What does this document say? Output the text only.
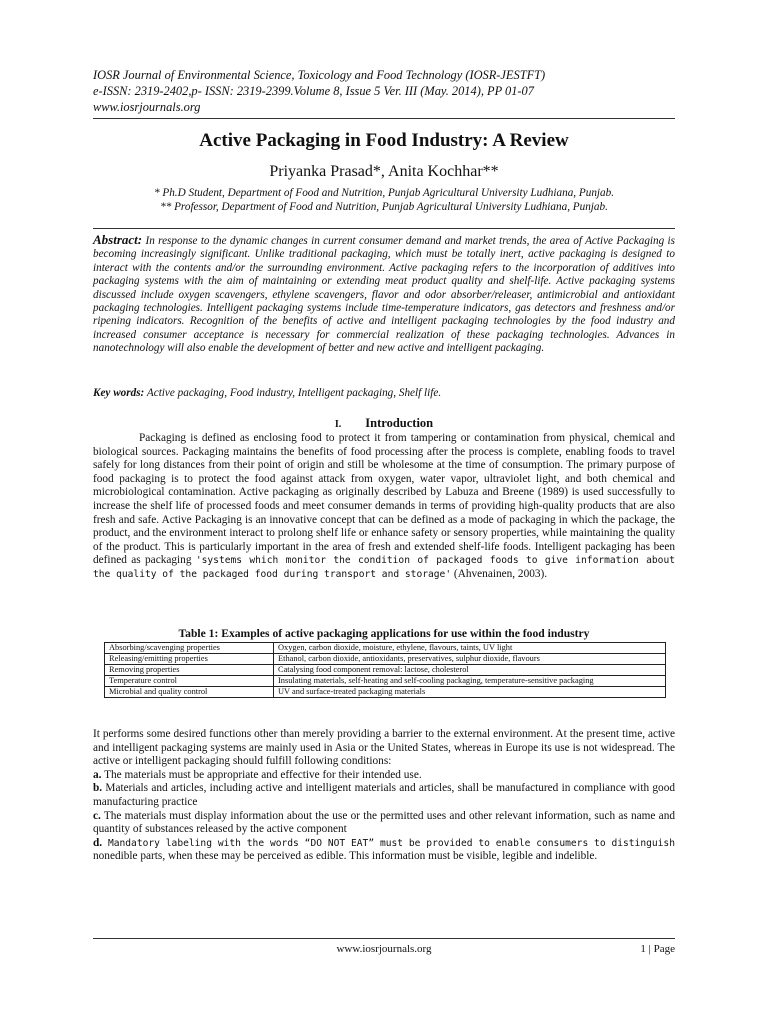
IOSR Journal of Environmental Science, Toxicology and Food Technology (IOSR-JESTFT)
e-ISSN: 2319-2402,p- ISSN: 2319-2399.Volume 8, Issue 5 Ver. III (May. 2014), PP 01-07
www.iosrjournals.org
Active Packaging in Food Industry: A Review
Priyanka Prasad*, Anita Kochhar**
* Ph.D Student, Department of Food and Nutrition, Punjab Agricultural University Ludhiana, Punjab.
** Professor, Department of Food and Nutrition, Punjab Agricultural University Ludhiana, Punjab.
Abstract: In response to the dynamic changes in current consumer demand and market trends, the area of Active Packaging is becoming increasingly significant. Unlike traditional packaging, which must be totally inert, active packaging is designed to interact with the contents and/or the surrounding environment. Active packaging refers to the incorporation of additives into packaging systems with the aim of maintaining or extending meat product quality and shelf-life. Active packaging systems discussed include oxygen scavengers, ethylene scavengers, flavor and odor absorber/releaser, antimicrobial and antioxidant packaging technologies. Intelligent packaging systems include time-temperature indicators, gas detectors and freshness and/or ripening indicators. Recognition of the benefits of active and intelligent packaging technologies by the food industry and increased consumer acceptance is necessary for commercial realization of these packaging technologies. Advances in nanotechnology will also enable the development of better and new active and intelligent packaging.
Key words: Active packaging, Food industry, Intelligent packaging, Shelf life.
I. Introduction
Packaging is defined as enclosing food to protect it from tampering or contamination from physical, chemical and biological sources. Packaging maintains the benefits of food processing after the process is complete, enabling foods to travel safely for long distances from their point of origin and still be wholesome at the time of consumption. The primary purpose of food packaging is to protect the food against attack from oxygen, water vapor, ultraviolet light, and both chemical and microbiological contamination. Active packaging as originally described by Labuza and Breene (1989) is used successfully to increase the shelf life of processed foods and meet consumer demands in terms of providing high-quality products that are also fresh and safe. Active Packaging is an innovative concept that can be defined as a mode of packaging in which the package, the product, and the environment interact to prolong shelf life or enhance safety or sensory properties, while maintaining the quality of the product. This is particularly important in the area of fresh and extended shelf-life foods. Intelligent packaging has been defined as packaging 'systems which monitor the condition of packaged foods to give information about the quality of the packaged food during transport and storage' (Ahvenainen, 2003).
Table 1: Examples of active packaging applications for use within the food industry
Absorbing/scavenging properties	Oxygen, carbon dioxide, moisture, ethylene, flavours, taints, UV light
Releasing/emitting properties	Ethanol, carbon dioxide, antioxidants, preservatives, sulphur dioxide, flavours
Removing properties	Catalysing food component removal: lactose, cholesterol
Temperature control	Insulating materials, self-heating and self-cooling packaging, temperature-sensitive packaging
Microbial and quality control	UV and surface-treated packaging materials

It performs some desired functions other than merely providing a barrier to the external environment. At the present time, active and intelligent packaging systems are mainly used in Asia or the United States, whereas in Europe its use is not widespread. The active or intelligent packaging should fulfill following conditions:

a. The materials must be appropriate and effective for their intended use.

b. Materials and articles, including active and intelligent materials and articles, shall be manufactured in compliance with good manufacturing practice

c. The materials must display information about the use or the permitted uses and other relevant information, such as name and quantity of substances released by the active component

d. Mandatory labeling with the words “DO NOT EAT” must be provided to enable consumers to distinguish nonedible parts, when these may be perceived as edible. This information must be visible, legible and indelible.

www.iosrjournals.org	1 | Page
